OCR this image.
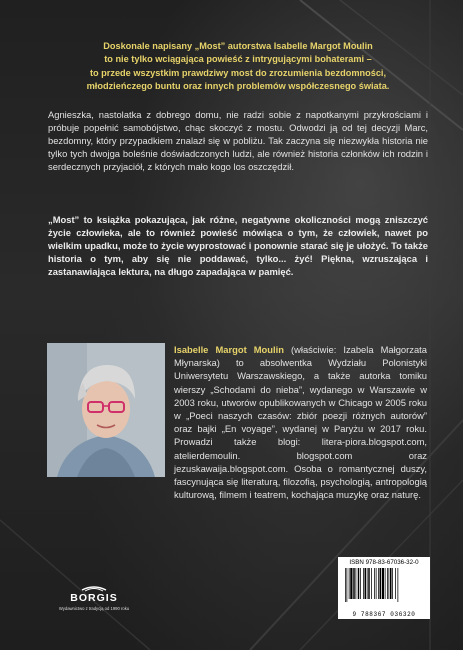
Doskonale napisany „Most” autorstwa Isabelle Margot Moulin
to nie tylko wciągająca powieść z intrygującymi bohaterami –
to przede wszystkim prawdziwy most do zrozumienia bezdomności,
młodzieńczego buntu oraz innych problemów współczesnego świata.
Agnieszka, nastolatka z dobrego domu, nie radzi sobie z napotkanymi przykrościami i próbuje popełnić samobójstwo, chąc skoczyć z mostu. Odwodzi ją od tej decyzji Marc, bezdomny, który przypadkiem znalazł się w pobliżu. Tak zaczyna się niezwykła historia nie tylko tych dwojga boleśnie doświadczonych ludzi, ale również historia członków ich rodzin i serdecznych przyjaciół, z których mało kogo los oszczędził.
„Most” to książka pokazująca, jak różne, negatywne okoliczności mogą zniszczyć życie człowieka, ale to również powieść mówiąca o tym, że człowiek, nawet po wielkim upadku, może to życie wyprostować i ponownie starać się je ułożyć. To także historia o tym, aby się nie poddawać, tylko... żyć! Piękna, wzruszająca i zastanawiająca lektura, na długo zapadająca w pamięć.
Isabelle Margot Moulin (właściwie: Izabela Małgorzata Młynarska) to absolwentka Wydziału Polonistyki Uniwersytetu Warszawskiego, a także autorka tomiku wierszy „Schodami do nieba”, wydanego w Warszawie w 2003 roku, utworów opublikowanych w Chicago w 2005 roku w „Poeci naszych czasów: zbiór poezji różnych autorów” oraz bajki „En voyage”, wydanej w Paryżu w 2017 roku. Prowadzi także blogi: litera-piora.blogspot.com, atelierdemoulin. blogspot.com oraz jezuskawaija.blogspot.com. Osoba o romantycznej duszy, fascynująca się literaturą, filozofią, psychologią, antropologią kulturową, filmem i teatrem, kochająca muzykę oraz naturę.
BORGIS
Wydawnictwo z tradycją od 1990 roku
ISBN 978-83-67036-32-0
9 788367 036320
